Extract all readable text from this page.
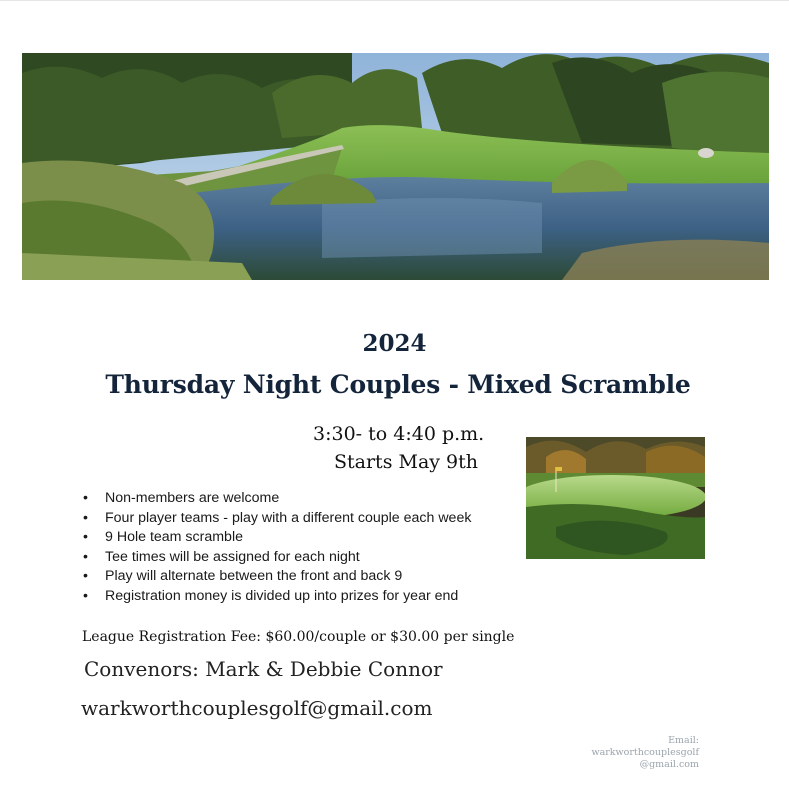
2024
Thursday Night Couples - Mixed Scramble
3:30- to 4:40 p.m.
Starts May 9th
• Non-members are welcome
• Four player teams - play with a different couple each week
• 9 Hole team scramble
• Tee times will be assigned for each night
• Play will alternate between the front and back 9
• Registration money is divided up into prizes for year end
League Registration Fee: $60.00/couple or $30.00 per single
Convenors: Mark & Debbie Connor
warkworthcouplesgolf@gmail.com
Email:
warkworthcouplesgolf
@gmail.com
